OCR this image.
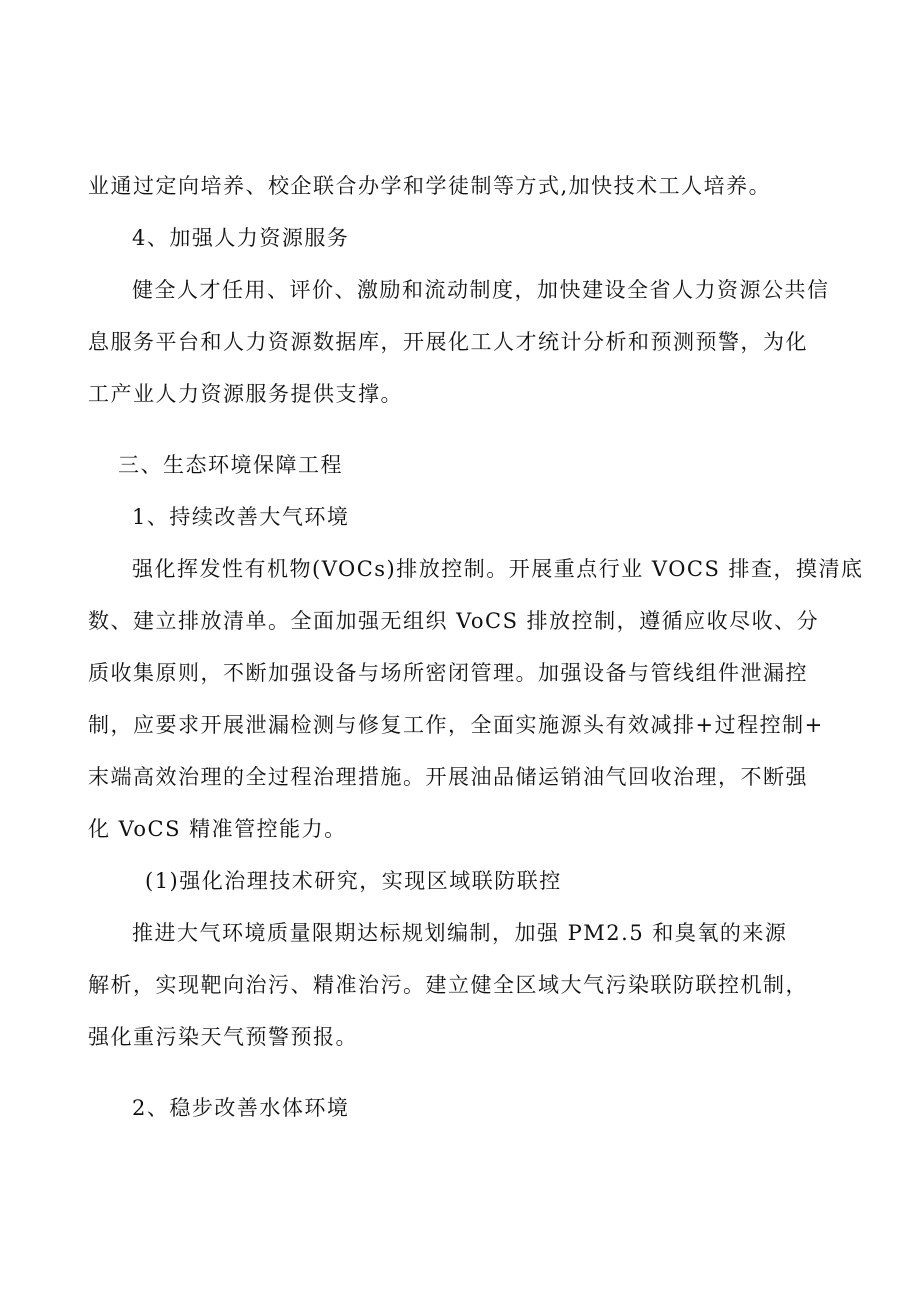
业通过定向培养、校企联合办学和学徒制等方式,加快技术工人培养。
4、加强人力资源服务
健全人才任用、评价、激励和流动制度，加快建设全省人力资源公共信
息服务平台和人力资源数据库，开展化工人才统计分析和预测预警，为化
工产业人力资源服务提供支撑。
三、生态环境保障工程
1、持续改善大气环境
强化挥发性有机物(VOCs)排放控制。开展重点行业 VOCS 排查，摸清底
数、建立排放清单。全面加强无组织 VoCS 排放控制，遵循应收尽收、分
质收集原则，不断加强设备与场所密闭管理。加强设备与管线组件泄漏控
制，应要求开展泄漏检测与修复工作，全面实施源头有效减排+过程控制+
末端高效治理的全过程治理措施。开展油品储运销油气回收治理，不断强
化 VoCS 精准管控能力。
(1)强化治理技术研究，实现区域联防联控
推进大气环境质量限期达标规划编制，加强 PM2.5 和臭氧的来源
解析，实现靶向治污、精准治污。建立健全区域大气污染联防联控机制，
强化重污染天气预警预报。
2、稳步改善水体环境
